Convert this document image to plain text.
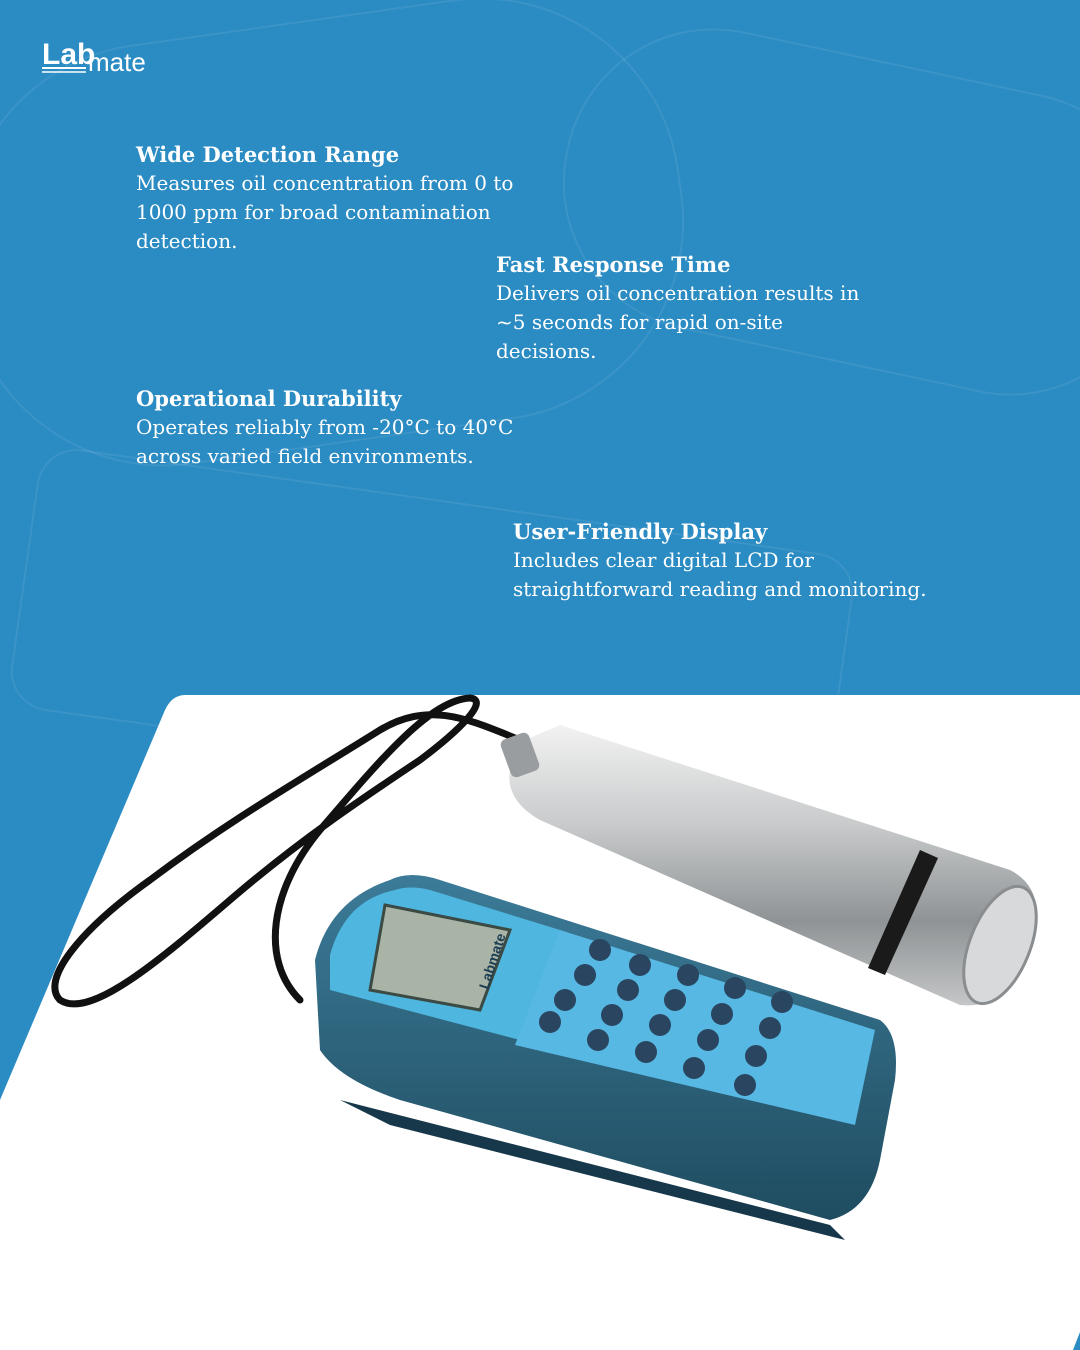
Lab
mate
Wide Detection Range

Measures oil concentration from 0 to 1000 ppm for broad contamination detection.

Fast Response Time

Delivers oil concentration results in ~5 seconds for rapid on-site decisions.

Operational Durability

Operates reliably from -20°C to 40°C across varied field environments.

User-Friendly Display

Includes clear digital LCD for straightforward reading and monitoring.

Labmate
